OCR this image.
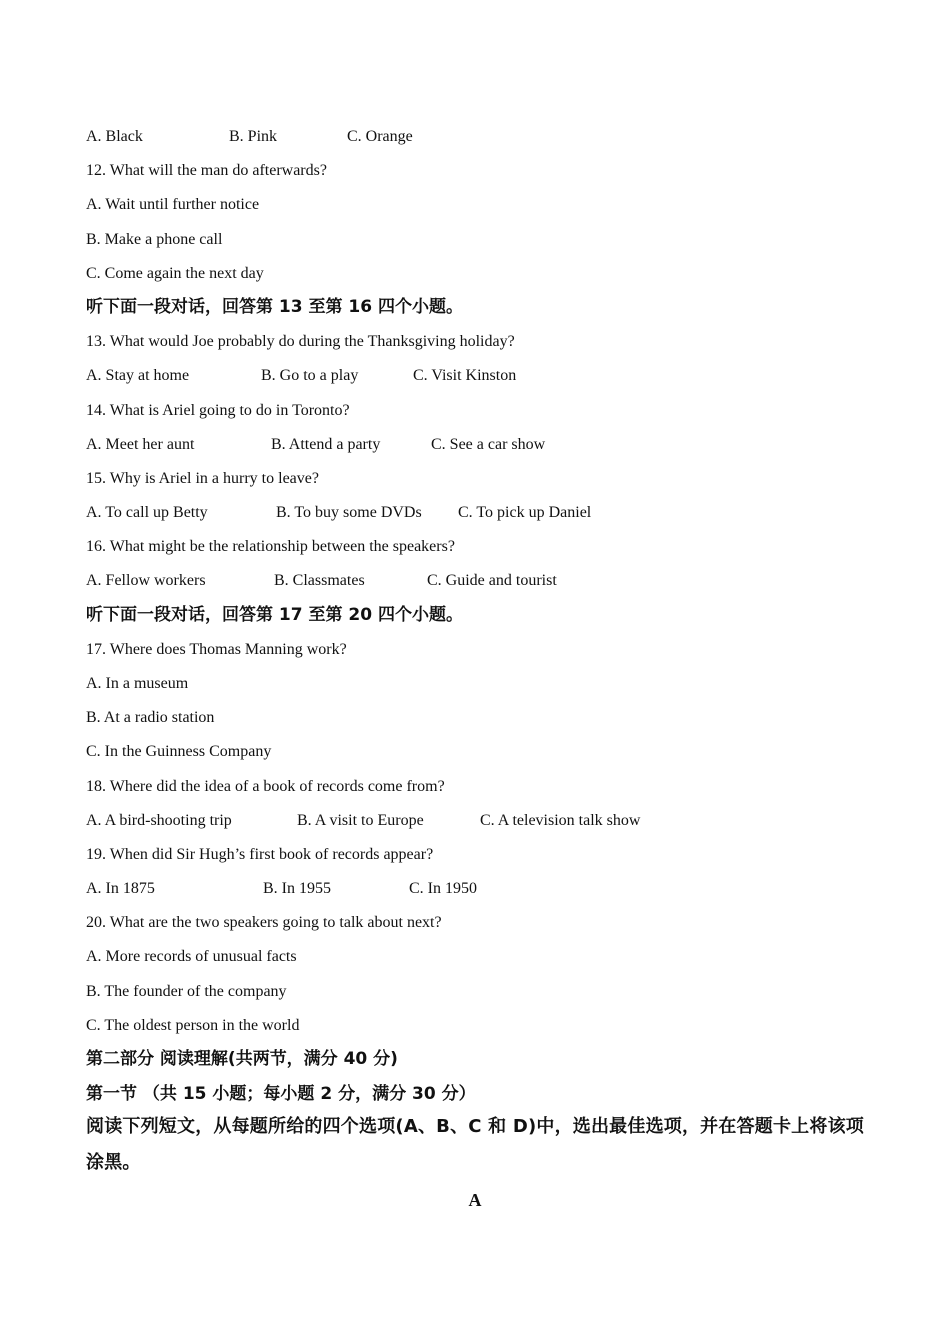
A. Black	B. Pink	C. Orange
12. What will the man do afterwards?
A. Wait until further notice
B. Make a phone call
C. Come again the next day
听下面一段对话，回答第 13 至第 16 四个小题。
13. What would Joe probably do during the Thanksgiving holiday?
A. Stay at home	B. Go to a play	C. Visit Kinston
14. What is Ariel going to do in Toronto?
A. Meet her aunt	B. Attend a party	C. See a car show
15. Why is Ariel in a hurry to leave?
A. To call up Betty	B. To buy some DVDs C. To pick up Daniel
16. What might be the relationship between the speakers?
A. Fellow workers	B. Classmates	C. Guide and tourist
听下面一段对话，回答第 17 至第 20 四个小题。
17. Where does Thomas Manning work?
A. In a museum
B. At a radio station
C. In the Guinness Company
18. Where did the idea of a book of records come from?
A. A bird-shooting trip	B. A visit to Europe	C. A television talk show
19. When did Sir Hugh’s first book of records appear?
A. In 1875	B. In 1955	C. In 1950
20. What are the two speakers going to talk about next?
A. More records of unusual facts
B. The founder of the company
C. The oldest person in the world
第二部分 阅读理解(共两节，满分 40 分)
第一节 （共 15 小题；每小题 2 分，满分 30 分）
阅读下列短文，从每题所给的四个选项(A、B、C 和 D)中，选出最佳选项，并在答题卡上将该项涂黑。
A
